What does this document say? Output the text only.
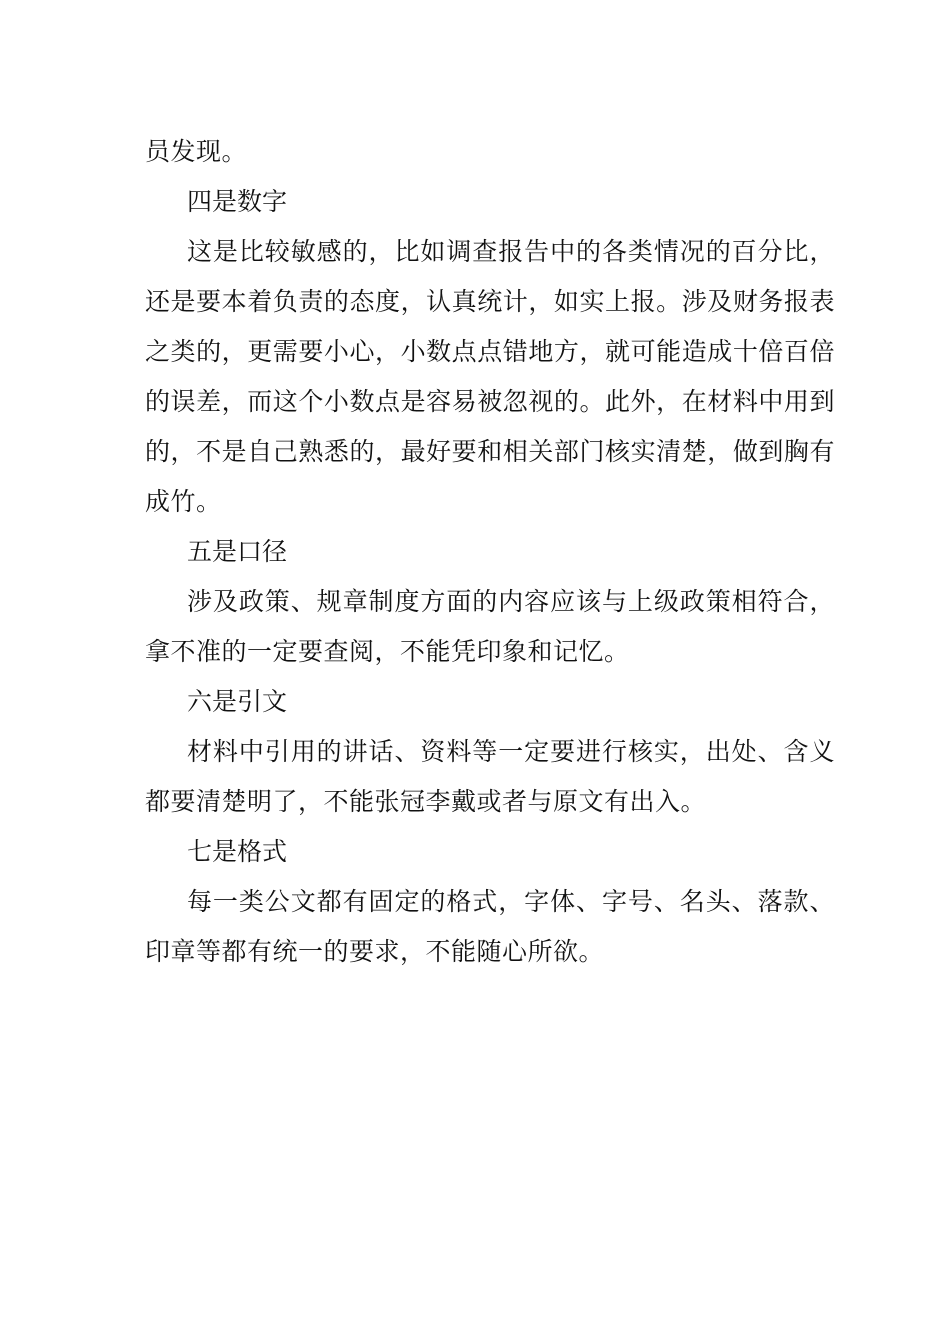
员发现。

四是数字

这是比较敏感的，比如调查报告中的各类情况的百分比，还是要本着负责的态度，认真统计，如实上报。涉及财务报表之类的，更需要小心，小数点点错地方，就可能造成十倍百倍的误差，而这个小数点是容易被忽视的。此外，在材料中用到的，不是自己熟悉的，最好要和相关部门核实清楚，做到胸有成竹。

五是口径

涉及政策、规章制度方面的内容应该与上级政策相符合，拿不准的一定要查阅，不能凭印象和记忆。

六是引文

材料中引用的讲话、资料等一定要进行核实，出处、含义都要清楚明了，不能张冠李戴或者与原文有出入。

七是格式

每一类公文都有固定的格式，字体、字号、名头、落款、印章等都有统一的要求，不能随心所欲。
